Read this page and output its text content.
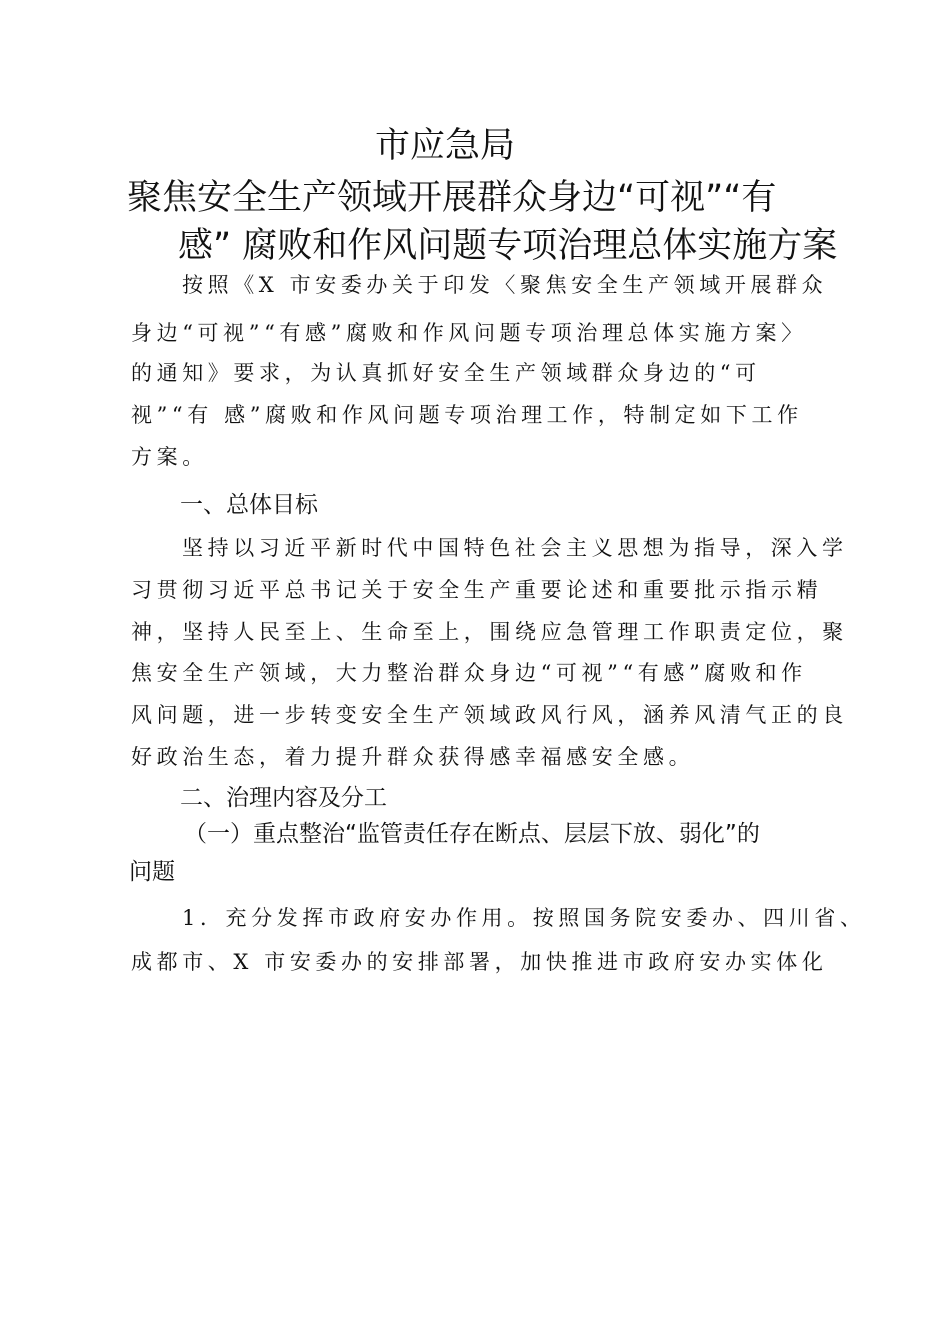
市应急局
聚焦安全生产领域开展群众身边“可视”“有
感” 腐败和作风问题专项治理总体实施方案

按照《X 市安委办关于印发〈聚焦安全生产领域开展群众

身边“可视”“有感”腐败和作风问题专项治理总体实施方案〉

的通知》要求，为认真抓好安全生产领域群众身边的“可

视”“有 感”腐败和作风问题专项治理工作，特制定如下工作

方案。

一、总体目标

坚持以习近平新时代中国特色社会主义思想为指导，深入学

习贯彻习近平总书记关于安全生产重要论述和重要批示指示精

神，坚持人民至上、生命至上，围绕应急管理工作职责定位，聚

焦安全生产领域，大力整治群众身边“可视”“有感”腐败和作

风问题，进一步转变安全生产领域政风行风，涵养风清气正的良

好政治生态，着力提升群众获得感幸福感安全感。

二、治理内容及分工
（一）重点整治“监管责任存在断点、层层下放、弱化”的
问题

1．充分发挥市政府安办作用。按照国务院安委办、四川省、

成都市、X 市安委办的安排部署，加快推进市政府安办实体化
